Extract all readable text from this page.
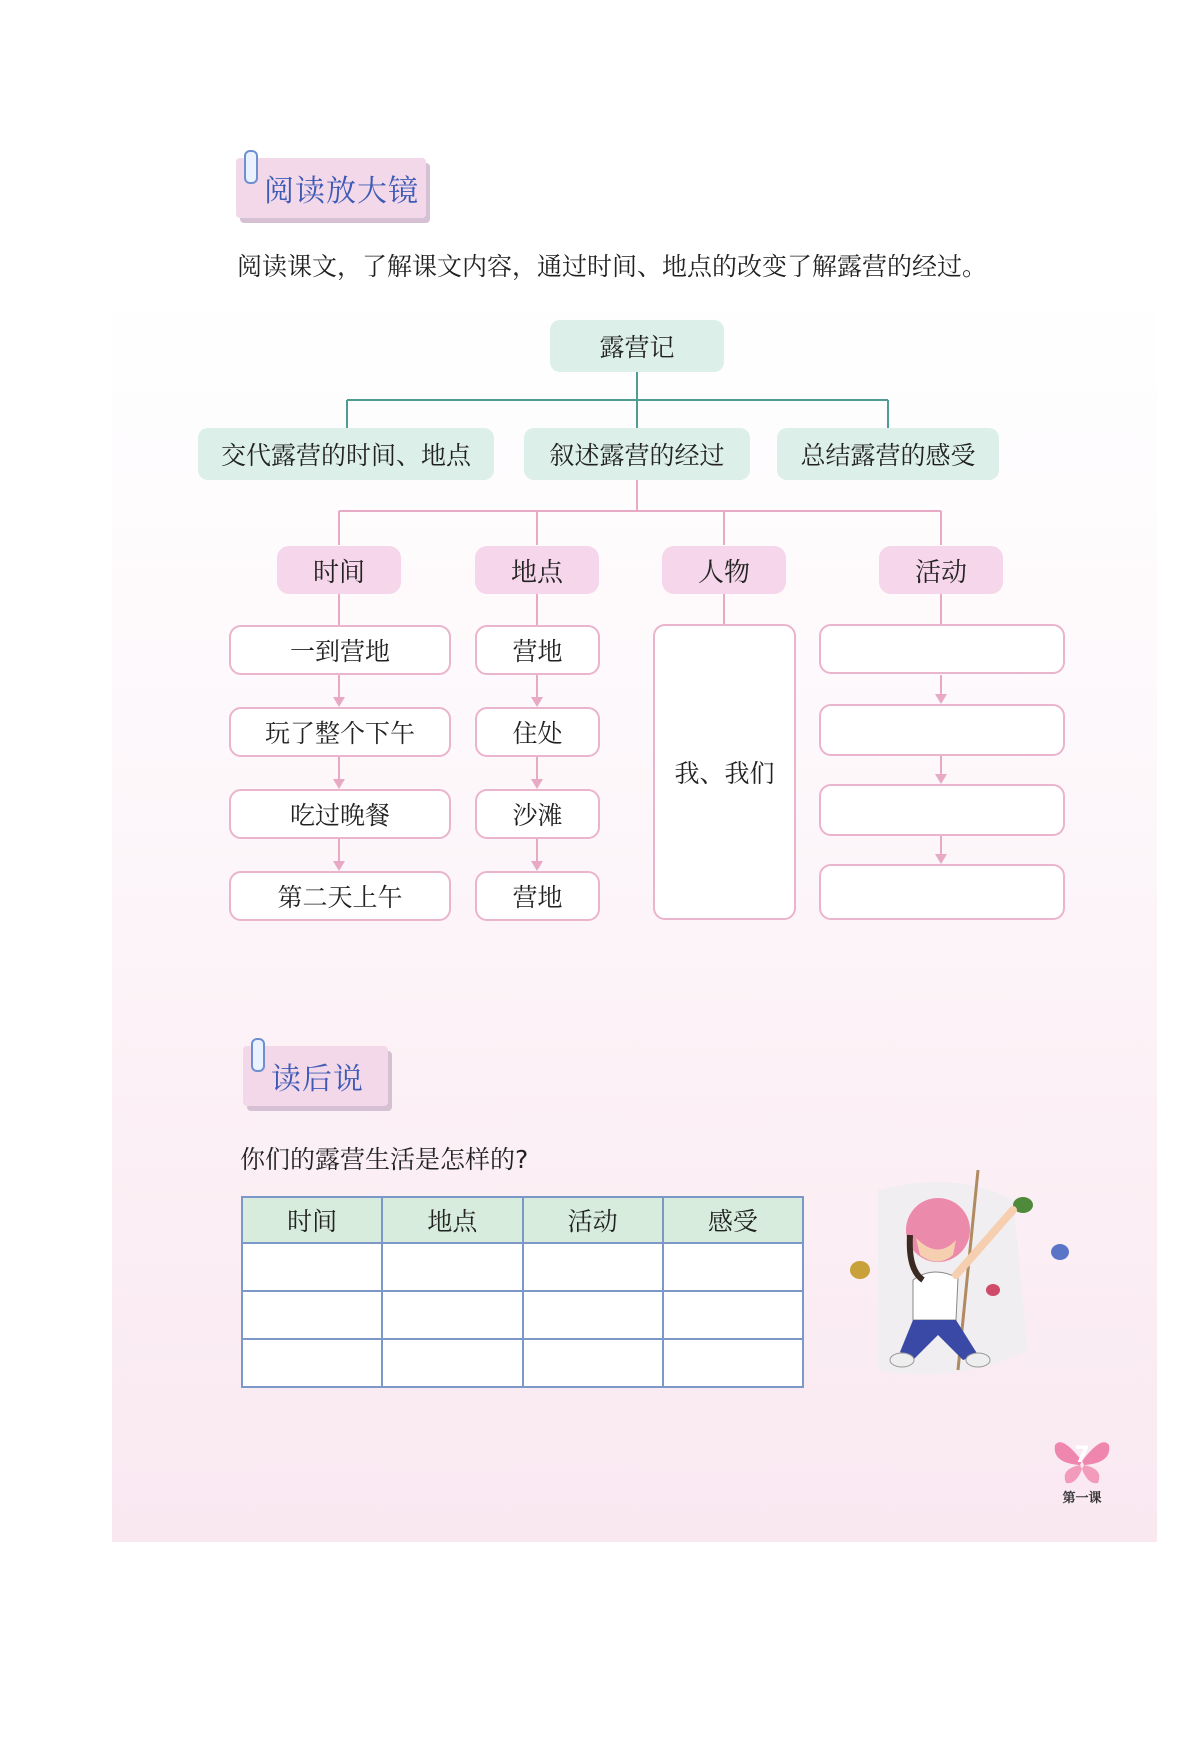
阅读放大镜
阅读课文，了解课文内容，通过时间、地点的改变了解露营的经过。
露营记
交代露营的时间、地点	叙述露营的经过	总结露营的感受
时间	地点	人物	活动
一到营地
玩了整个下午
吃过晚餐
第二天上午
营地
住处
沙滩
营地
我、我们
读后说
你们的露营生活是怎样的?
时间	地点	活动	感受

7
第一课
